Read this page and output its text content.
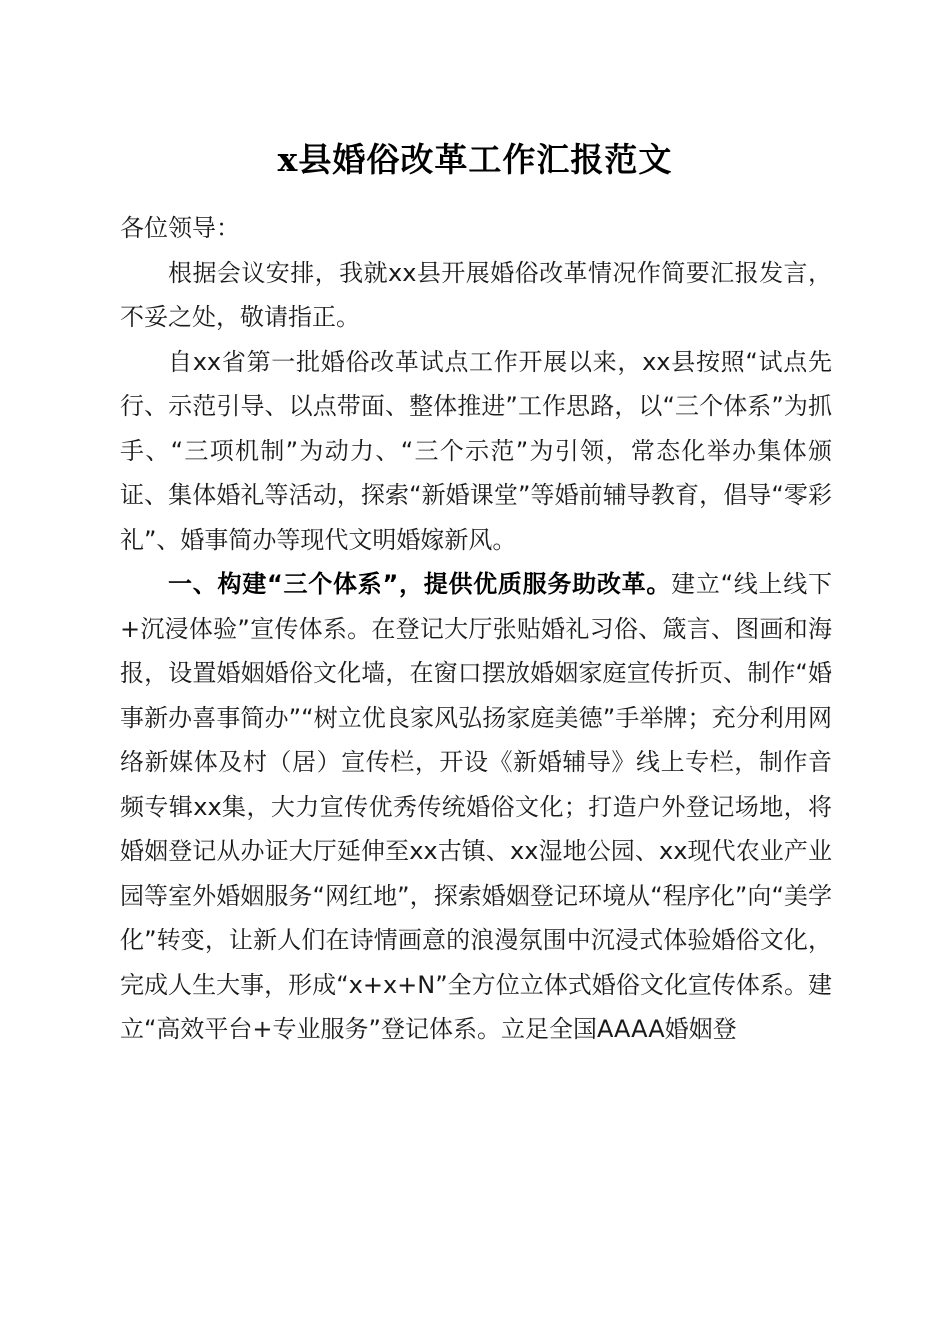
x县婚俗改革工作汇报范文

各位领导：

根据会议安排，我就xx县开展婚俗改革情况作简要汇报发言，不妥之处，敬请指正。

自xx省第一批婚俗改革试点工作开展以来，xx县按照“试点先行、示范引导、以点带面、整体推进”工作思路，以“三个体系”为抓手、“三项机制”为动力、“三个示范”为引领，常态化举办集体颁证、集体婚礼等活动，探索“新婚课堂”等婚前辅导教育，倡导“零彩礼”、婚事简办等现代文明婚嫁新风。

一、构建“三个体系”，提供优质服务助改革。建立“线上线下+沉浸体验”宣传体系。在登记大厅张贴婚礼习俗、箴言、图画和海报，设置婚姻婚俗文化墙，在窗口摆放婚姻家庭宣传折页、制作“婚事新办喜事简办”“树立优良家风弘扬家庭美德”手举牌；充分利用网络新媒体及村（居）宣传栏，开设《新婚辅导》线上专栏，制作音频专辑xx集，大力宣传优秀传统婚俗文化；打造户外登记场地，将婚姻登记从办证大厅延伸至xx古镇、xx湿地公园、xx现代农业产业园等室外婚姻服务“网红地”，探索婚姻登记环境从“程序化”向“美学化”转变，让新人们在诗情画意的浪漫氛围中沉浸式体验婚俗文化，完成人生大事，形成“x+x+N”全方位立体式婚俗文化宣传体系。建立“高效平台+专业服务”登记体系。立足全国AAAA婚姻登
